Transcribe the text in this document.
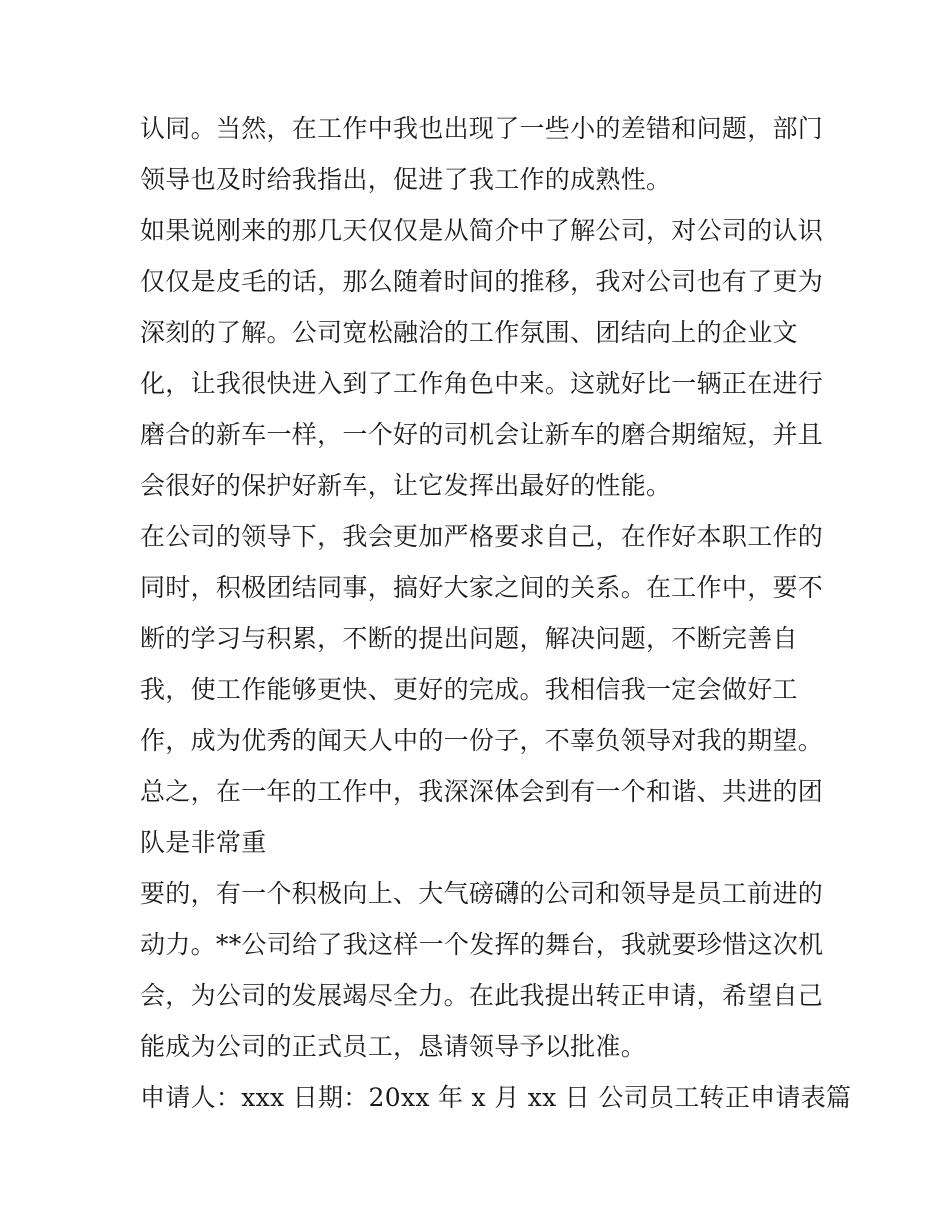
认同。当然，在工作中我也出现了一些小的差错和问题，部门
领导也及时给我指出，促进了我工作的成熟性。
如果说刚来的那几天仅仅是从简介中了解公司，对公司的认识
仅仅是皮毛的话，那么随着时间的推移，我对公司也有了更为
深刻的了解。公司宽松融洽的工作氛围、团结向上的企业文
化，让我很快进入到了工作角色中来。这就好比一辆正在进行
磨合的新车一样，一个好的司机会让新车的磨合期缩短，并且
会很好的保护好新车，让它发挥出最好的性能。
在公司的领导下，我会更加严格要求自己，在作好本职工作的
同时，积极团结同事，搞好大家之间的关系。在工作中，要不
断的学习与积累，不断的提出问题，解决问题，不断完善自
我，使工作能够更快、更好的完成。我相信我一定会做好工
作，成为优秀的闻天人中的一份子，不辜负领导对我的期望。
总之，在一年的工作中，我深深体会到有一个和谐、共进的团
队是非常重
要的，有一个积极向上、大气磅礴的公司和领导是员工前进的
动力。**公司给了我这样一个发挥的舞台，我就要珍惜这次机
会，为公司的发展竭尽全力。在此我提出转正申请，希望自己
能成为公司的正式员工，恳请领导予以批准。
申请人：xxx 日期：20xx 年 x 月 xx 日 公司员工转正申请表篇
